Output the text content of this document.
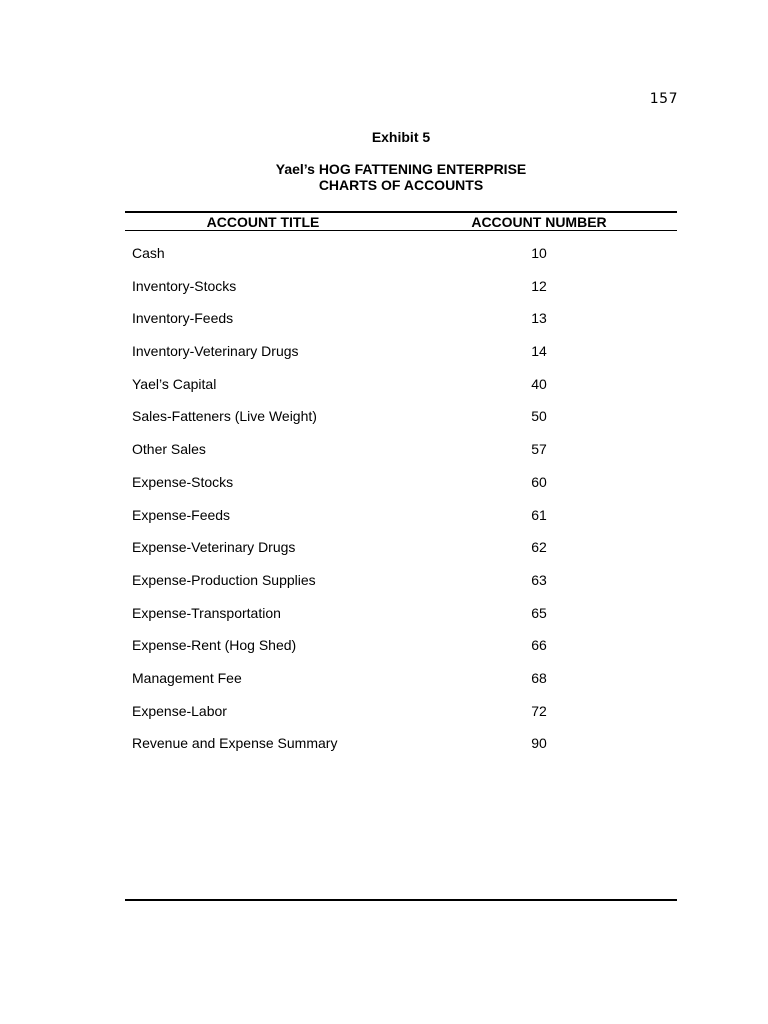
157
Exhibit 5
Yael’s HOG FATTENING ENTERPRISE
CHARTS OF ACCOUNTS
ACCOUNT TITLE	ACCOUNT NUMBER
Cash	10
Inventory-Stocks	12
Inventory-Feeds	13
Inventory-Veterinary Drugs	14
Yael’s Capital	40
Sales-Fatteners (Live Weight)	50
Other Sales	57
Expense-Stocks	60
Expense-Feeds	61
Expense-Veterinary Drugs	62
Expense-Production Supplies	63
Expense-Transportation	65
Expense-Rent (Hog Shed)	66
Management Fee	68
Expense-Labor	72
Revenue and Expense Summary	90
